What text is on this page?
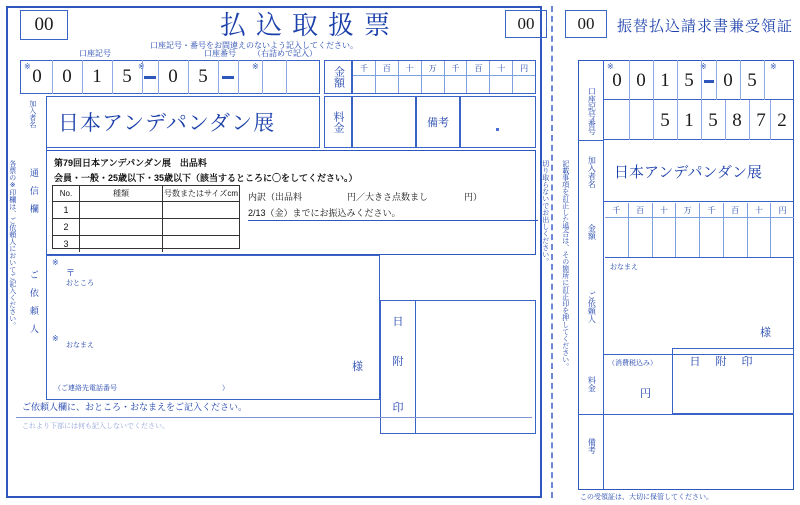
00	払込取扱票	00
口座記号・番号をお間違えのないよう記入してください。
00	振替払込請求書兼受領証
口座記号	口座番号	（右詰めで記入）
※	※	※
0	0	1	5	0	5	金額	千	百	十	万	千	百	十	円
日本アンデパンダン展	料金	備考
第79回日本アンデパンダン展　出品料
会員・一般・25歳以下・35歳以下（該当するところに〇をしてください。）
No.	種類	号数またはサイズcm
1
2
3
内訳（出品料　　　　　円／大きさ点数まし　　　　円）
2/13（金）までにお振込みください。
※
〒
おところ
※
おなまえ
様
（ご連絡先電話番号　　　　　　　　　　　　　　　）
日
附
印
ご依頼人欄に、おところ・おなまえをご記入ください。
これより下部には何も記入しないでください。
各票の※印欄は、ご依頼人においてご記入ください。
加入者名
通　信　欄
ご　依　頼　人
切り取らないでお出しください。 記載事項を訂正した場合は、その箇所に訂正印を押してください。
口座記号番号
※	※	※
0 0 1 5	0 5
5 1 5 8 7 2
加入者名	日本アンデパンダン展
金額
千	百	十	万	千	百	十	円
ご依頼人
おなまえ
様
料金
（消費税込み）
円
日	附	印
備考
この受領証は、大切に保管してください。
